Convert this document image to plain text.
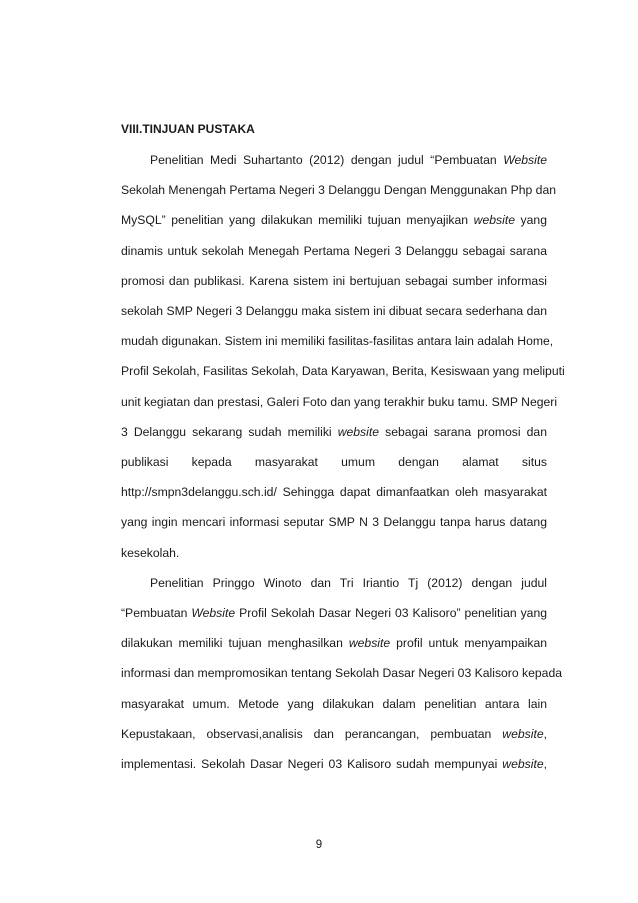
VIII.TINJUAN PUSTAKA
Penelitian Medi Suhartanto (2012) dengan judul “Pembuatan Website
Sekolah Menengah Pertama Negeri 3 Delanggu Dengan Menggunakan Php dan
MySQL” penelitian yang dilakukan memiliki tujuan menyajikan website yang
dinamis untuk sekolah Menegah Pertama Negeri 3 Delanggu sebagai sarana
promosi dan publikasi. Karena sistem ini bertujuan sebagai sumber informasi
sekolah SMP Negeri 3 Delanggu maka sistem ini dibuat secara sederhana dan
mudah digunakan. Sistem ini memiliki fasilitas-fasilitas antara lain adalah Home,
Profil Sekolah, Fasilitas Sekolah, Data Karyawan, Berita, Kesiswaan yang meliputi
unit kegiatan dan prestasi, Galeri Foto dan yang terakhir buku tamu. SMP Negeri
3 Delanggu sekarang sudah memiliki website sebagai sarana promosi dan
publikasi kepada masyarakat umum dengan alamat situs
http://smpn3delanggu.sch.id/ Sehingga dapat dimanfaatkan oleh masyarakat
yang ingin mencari informasi seputar SMP N 3 Delanggu tanpa harus datang
kesekolah.
Penelitian Pringgo Winoto dan Tri Iriantio Tj (2012) dengan judul
“Pembuatan Website Profil Sekolah Dasar Negeri 03 Kalisoro” penelitian yang
dilakukan memiliki tujuan menghasilkan website profil untuk menyampaikan
informasi dan mempromosikan tentang Sekolah Dasar Negeri 03 Kalisoro kepada
masyarakat umum. Metode yang dilakukan dalam penelitian antara lain
Kepustakaan, observasi,analisis dan perancangan, pembuatan website,
implementasi. Sekolah Dasar Negeri 03 Kalisoro sudah mempunyai website,
9
